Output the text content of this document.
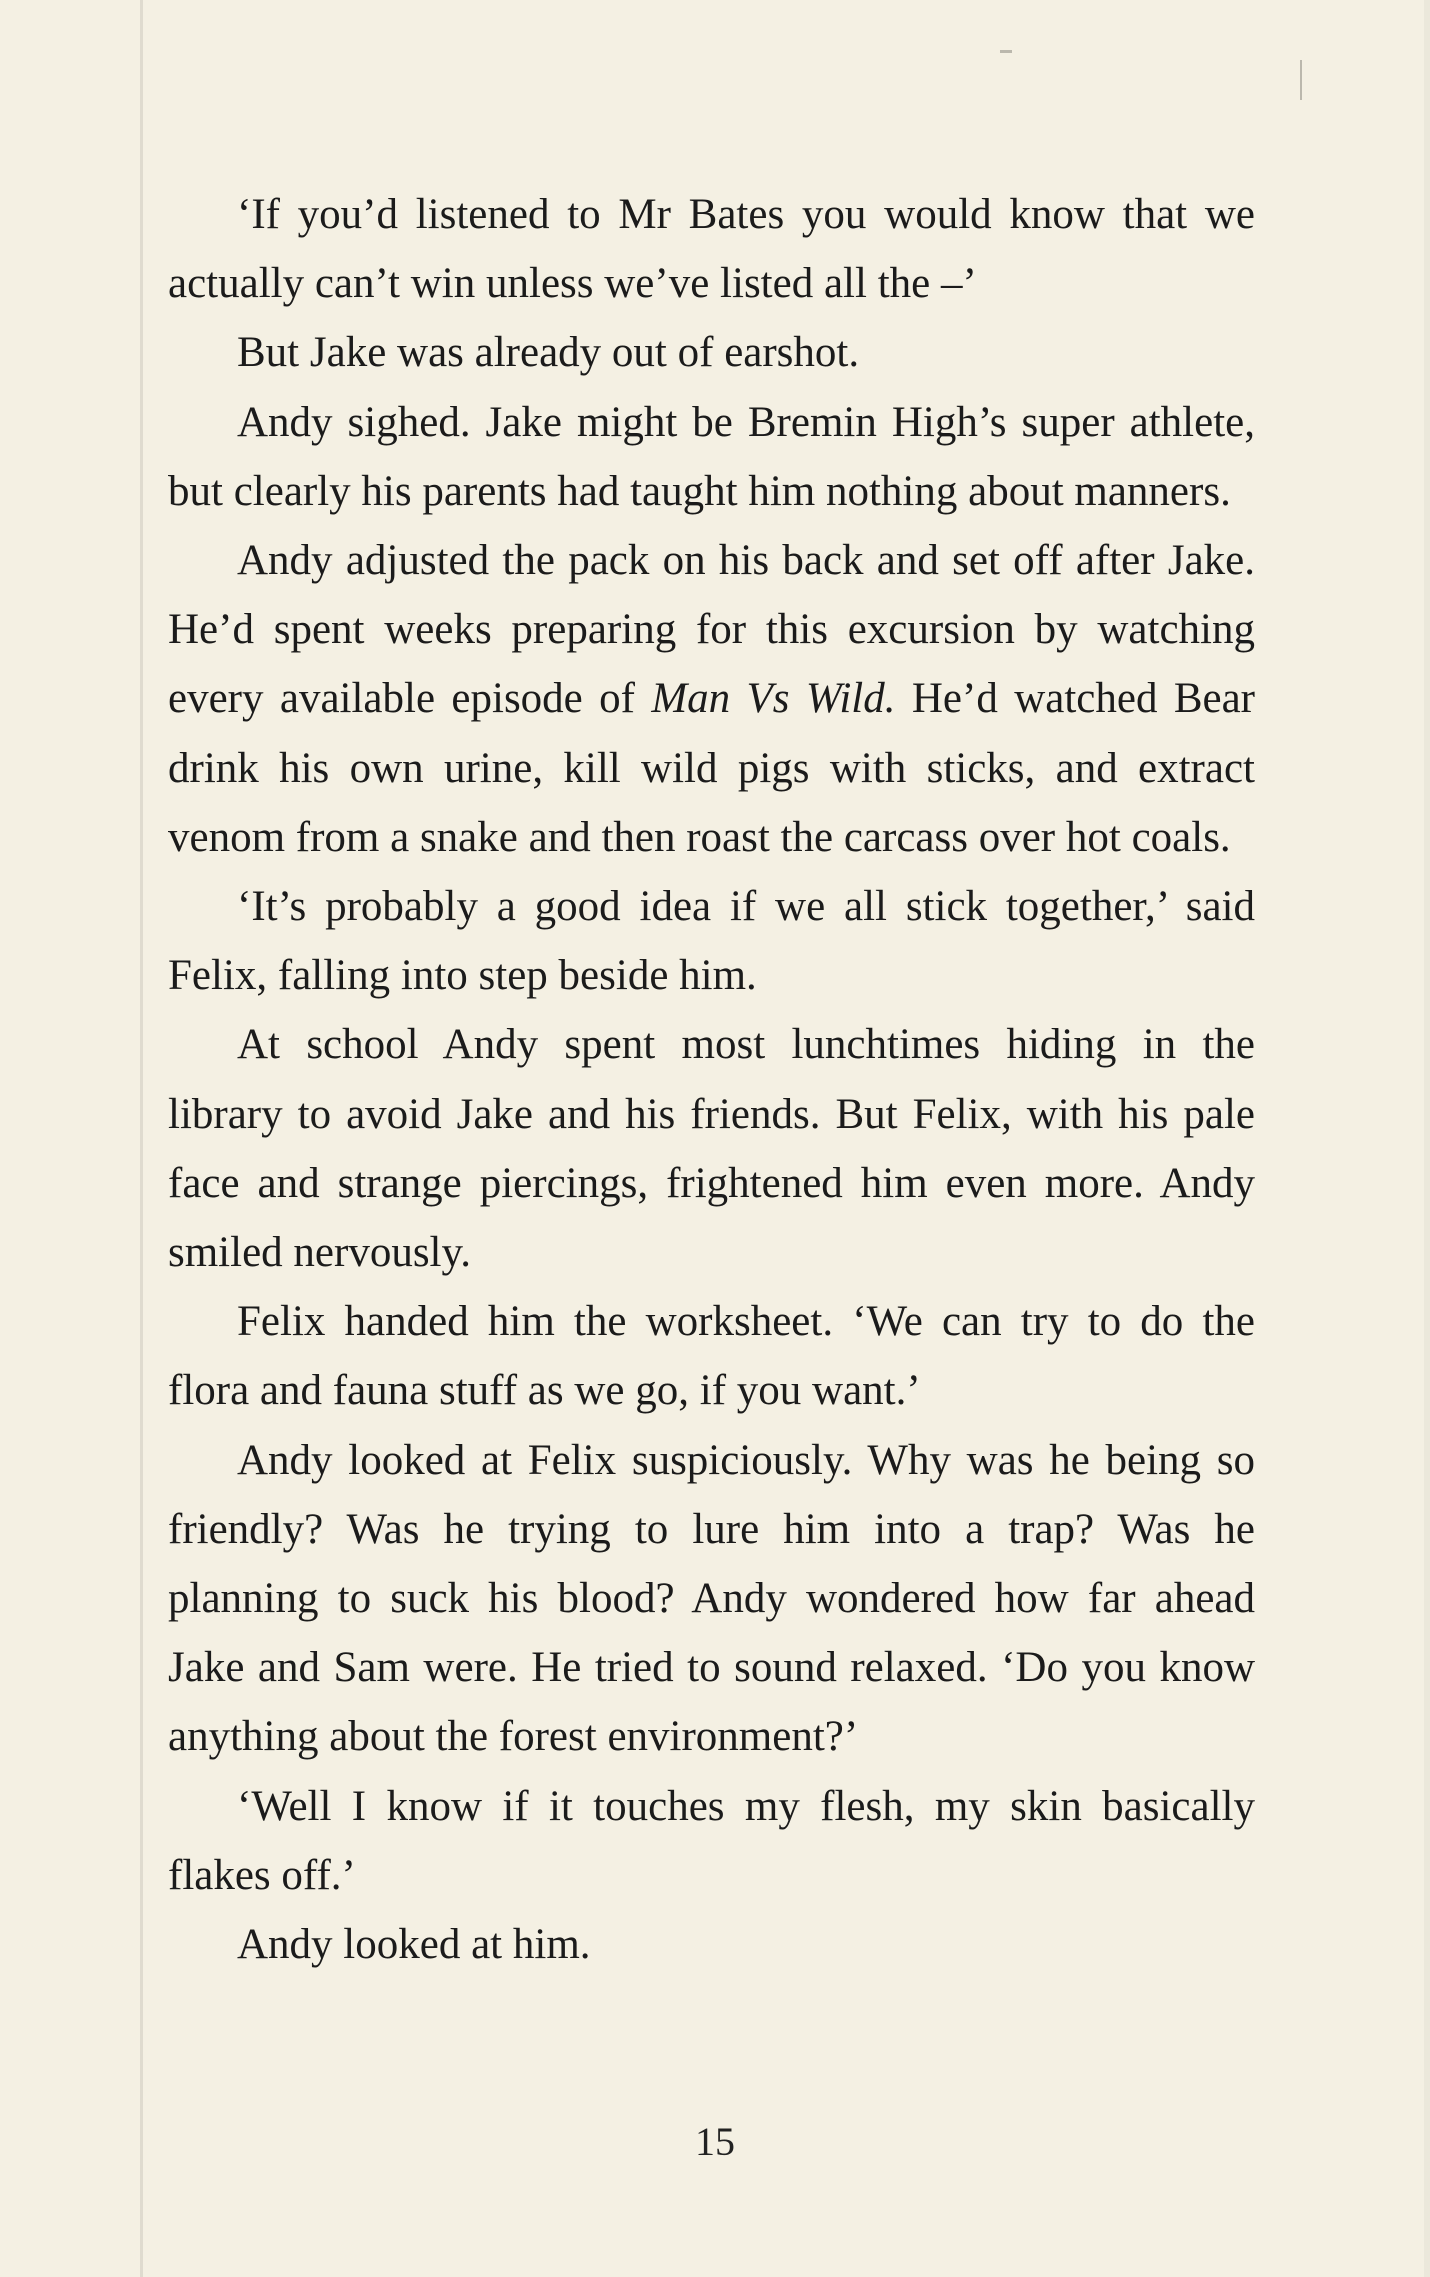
‘If you’d listened to Mr Bates you would know that we actually can’t win unless we’ve listed all the –’

But Jake was already out of earshot.

Andy sighed. Jake might be Bremin High’s super athlete, but clearly his parents had taught him nothing about manners.

Andy adjusted the pack on his back and set off after Jake. He’d spent weeks preparing for this excursion by watching every available episode of Man Vs Wild. He’d watched Bear drink his own urine, kill wild pigs with sticks, and extract venom from a snake and then roast the carcass over hot coals.

‘It’s probably a good idea if we all stick together,’ said Felix, falling into step beside him.

At school Andy spent most lunchtimes hiding in the library to avoid Jake and his friends. But Felix, with his pale face and strange piercings, frightened him even more. Andy smiled nervously.

Felix handed him the worksheet. ‘We can try to do the flora and fauna stuff as we go, if you want.’

Andy looked at Felix suspiciously. Why was he being so friendly? Was he trying to lure him into a trap? Was he planning to suck his blood? Andy wondered how far ahead Jake and Sam were. He tried to sound relaxed. ‘Do you know anything about the forest environment?’

‘Well I know if it touches my flesh, my skin basically flakes off.’

Andy looked at him.

15
